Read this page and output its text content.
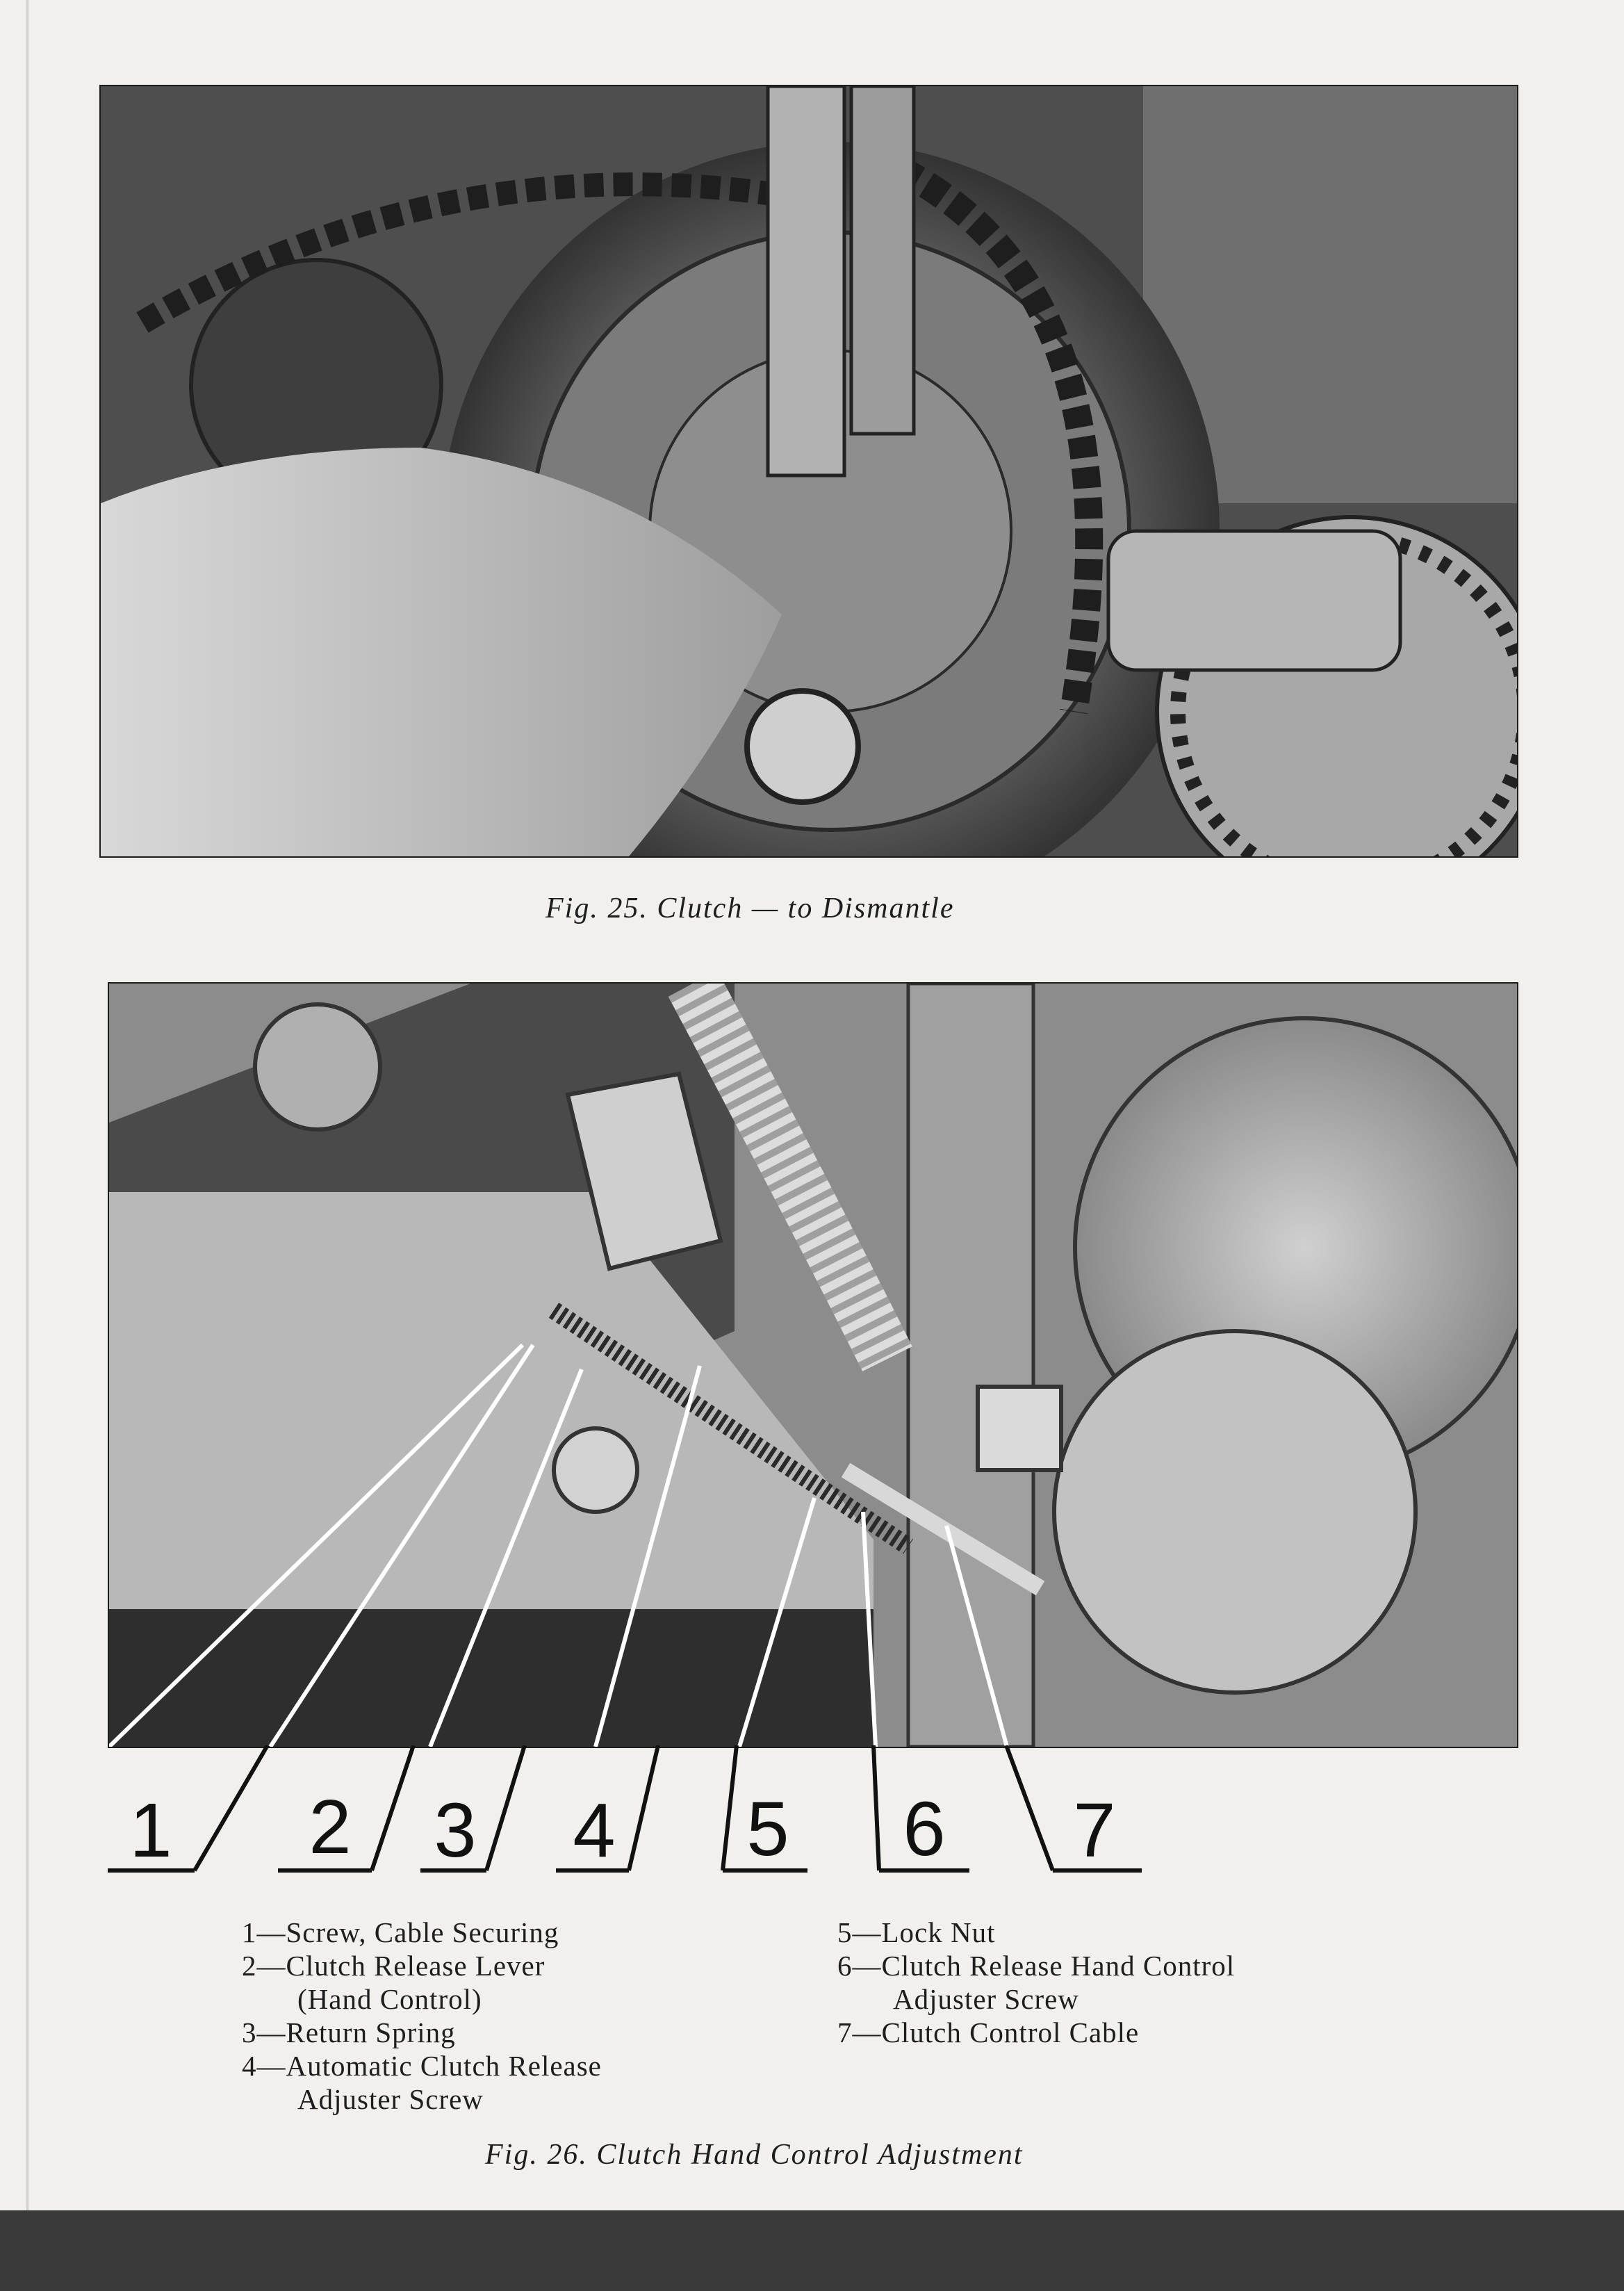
Fig. 25. Clutch — to Dismantle
1 2 3 4 5 6 7
1—Screw, Cable Securing
2—Clutch Release Lever
(Hand Control)
3—Return Spring
4—Automatic Clutch Release
Adjuster Screw
5—Lock Nut
6—Clutch Release Hand Control
Adjuster Screw
7—Clutch Control Cable
Fig. 26. Clutch Hand Control Adjustment
